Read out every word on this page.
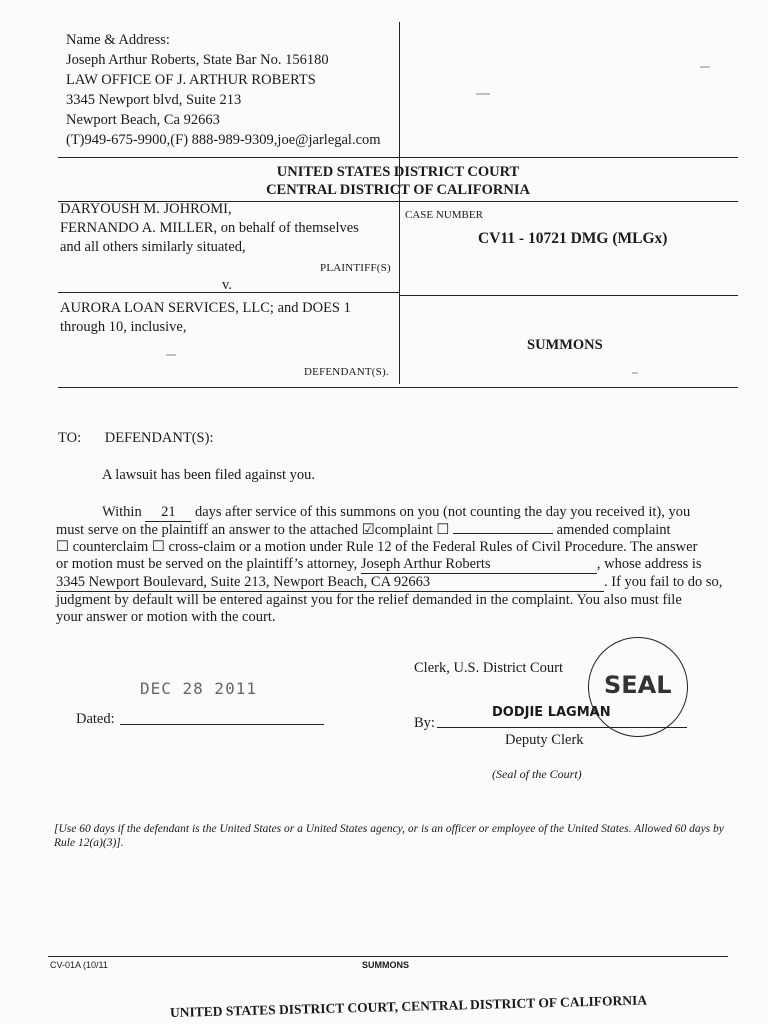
Name & Address:
Joseph Arthur Roberts, State Bar No. 156180
LAW OFFICE OF J. ARTHUR ROBERTS
3345 Newport blvd, Suite 213
Newport Beach, Ca 92663
(T)949-675-9900,(F) 888-989-9309,joe@jarlegal.com
UNITED STATES DISTRICT COURT
CENTRAL DISTRICT OF CALIFORNIA
DARYOUSH M. JOHROMI,
FERNANDO A. MILLER, on behalf of themselves
and all others similarly situated,
PLAINTIFF(S)
v.
AURORA LOAN SERVICES, LLC; and DOES 1
through 10, inclusive,
DEFENDANT(S).
CASE NUMBER
CV11 - 10721 DMG (MLGx)
SUMMONS
TO: DEFENDANT(S):
A lawsuit has been filed against you.
Within 21 days after service of this summons on you (not counting the day you received it), you
must serve on the plaintiff an answer to the attached ☑complaint ☐	amended complaint
☐ counterclaim ☐ cross-claim or a motion under Rule 12 of the Federal Rules of Civil Procedure. The answer
or motion must be served on the plaintiff’s attorney, Joseph Arthur Roberts	, whose address is
3345 Newport Boulevard, Suite 213, Newport Beach, CA 92663	. If you fail to do so,
judgment by default will be entered against you for the relief demanded in the complaint. You also must file
your answer or motion with the court.
Clerk, U.S. District Court
DEC 28 2011
Dated:	By:
DODJIE LAGMAN
Deputy Clerk
SEAL
(Seal of the Court)
[Use 60 days if the defendant is the United States or a United States agency, or is an officer or employee of the United States. Allowed 60 days by Rule 12(a)(3)].
CV-01A (10/11	SUMMONS
UNITED STATES DISTRICT COURT, CENTRAL DISTRICT OF CALIFORNIA
